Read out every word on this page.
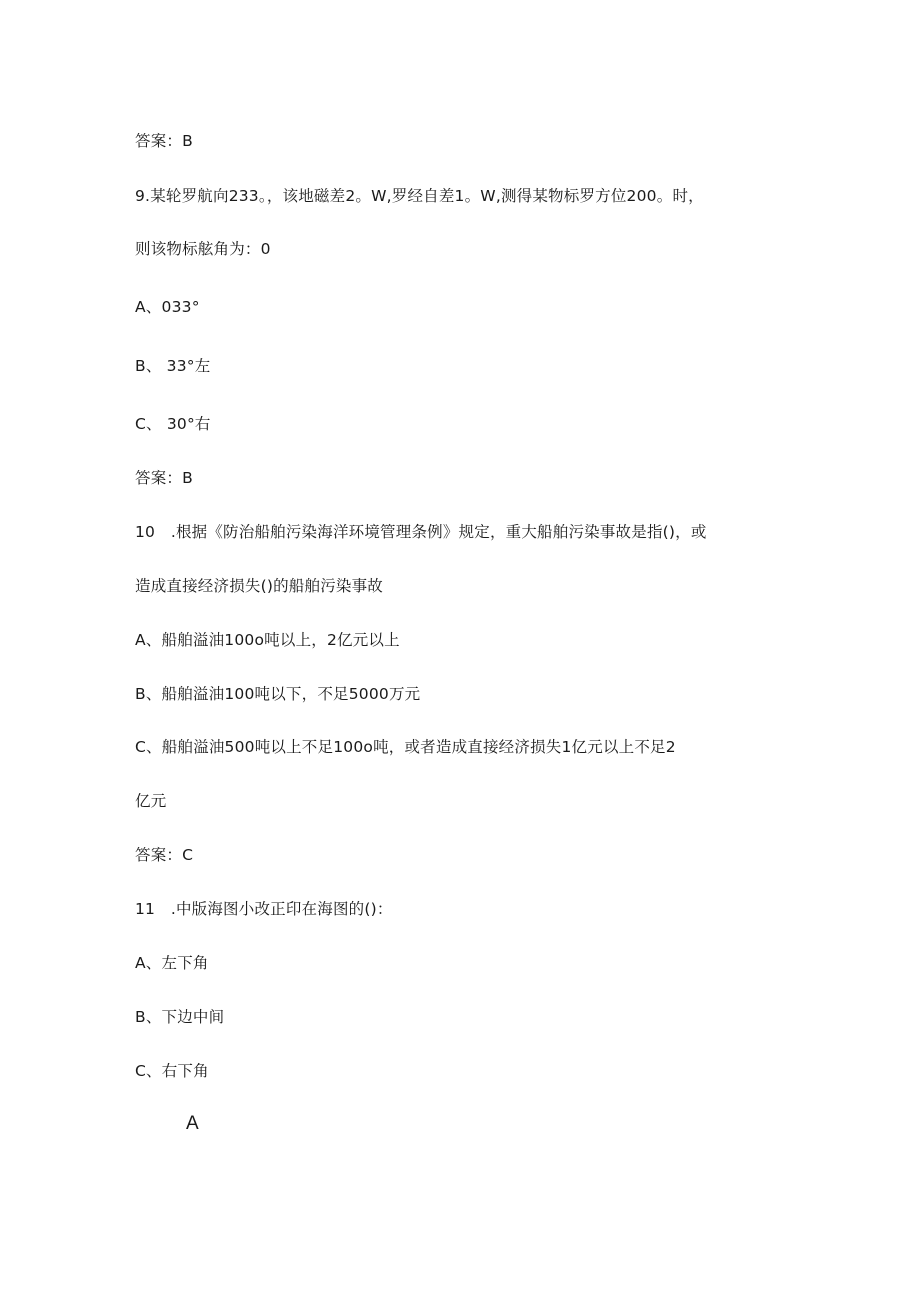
答案：B
9.某轮罗航向233。，该地磁差2。W,罗经自差1。W,测得某物标罗方位200。时，
则该物标舷角为：0
A、033°
B、 33°左
C、 30°右
答案：B
10　.根据《防治船舶污染海洋环境管理条例》规定，重大船舶污染事故是指()，或
造成直接经济损失()的船舶污染事故
A、船舶溢油100o吨以上，2亿元以上
B、船舶溢油100吨以下，不足5000万元
C、船舶溢油500吨以上不足100o吨，或者造成直接经济损失1亿元以上不足2
亿元
答案：C
11　.中版海图小改正印在海图的()：
A、左下角
B、下边中间
C、右下角
A
